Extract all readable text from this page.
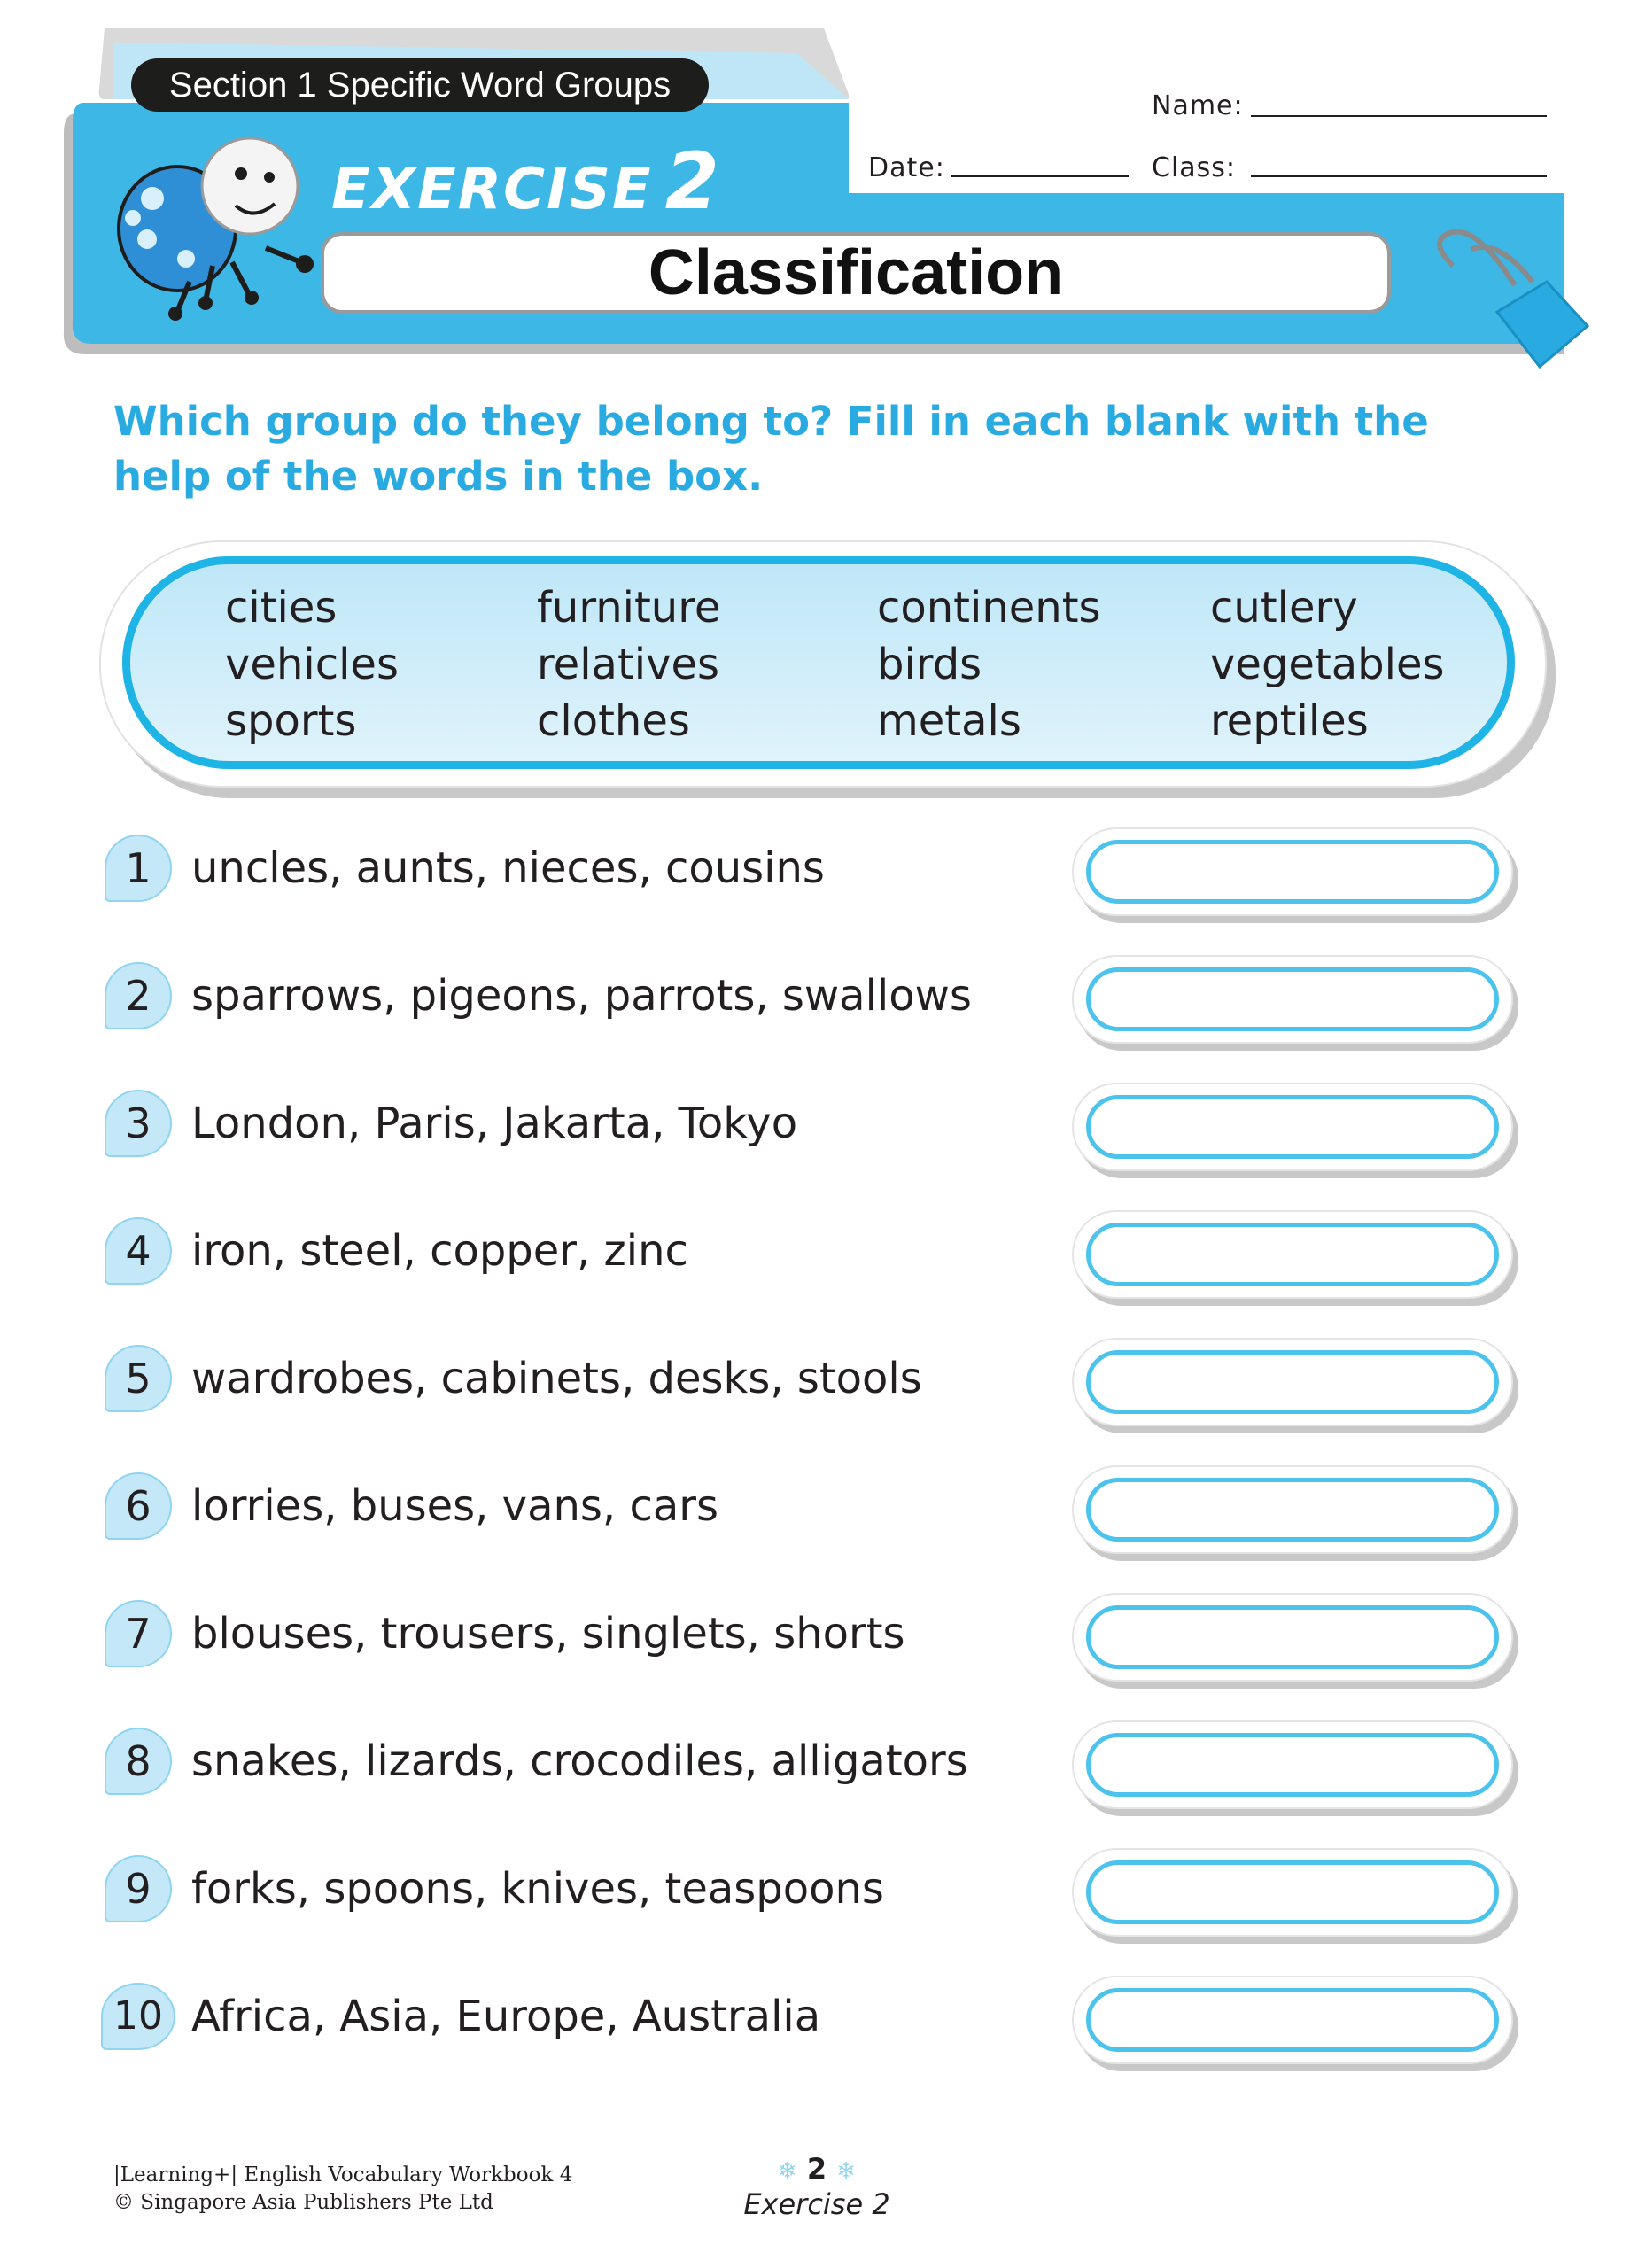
Section 1 Specific Word Groups
EXERCISE 2
Classification
Name:
Date:	Class:
Which group do they belong to? Fill in each blank with the help of the words in the box.
cities
vehicles
sports
furniture
relatives
clothes
continents
birds
metals
cutlery
vegetables
reptiles
1 uncles, aunts, nieces, cousins
2 sparrows, pigeons, parrots, swallows
3 London, Paris, Jakarta, Tokyo
4 iron, steel, copper, zinc
5 wardrobes, cabinets, desks, stools
6 lorries, buses, vans, cars
7 blouses, trousers, singlets, shorts
8 snakes, lizards, crocodiles, alligators
9 forks, spoons, knives, teaspoons
10 Africa, Asia, Europe, Australia
|Learning+| English Vocabulary Workbook 4
© Singapore Asia Publishers Pte Ltd
❄ 2 ❄
Exercise 2
